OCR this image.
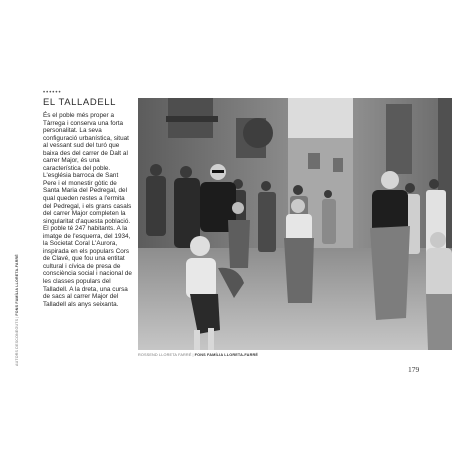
••••••
EL TALLADELL

És el poble més proper a Tàrrega i conserva una forta personalitat. La seva configuració urbanística, situat al vessant sud del turó que baixa des del carrer de Dalt al carrer Major, és una característica del poble. L'església barroca de Sant Pere i el monestir gòtic de Santa Maria del Pedregal, del qual queden restes a l'ermita del Pedregal, i els grans casals del carrer Major completen la singularitat d'aquesta població. El poble té 247 habitants. A la imatge de l'esquerra, del 1934, la Societat Coral L'Aurora, inspirada en els populars Cors de Clavé, que fou una entitat cultural i cívica de presa de consciència social i nacional de les classes populars del Talladell. A la dreta, una cursa de sacs al carrer Major del Talladell als anys seixanta.

AUTORS DESCONEGUTS|FONS FAMÍLIA LLORETA-FARRÉ
ROSSEND LLORETA FARRÉ|FONS FAMÍLIA LLORETA-FARRÉ
179
